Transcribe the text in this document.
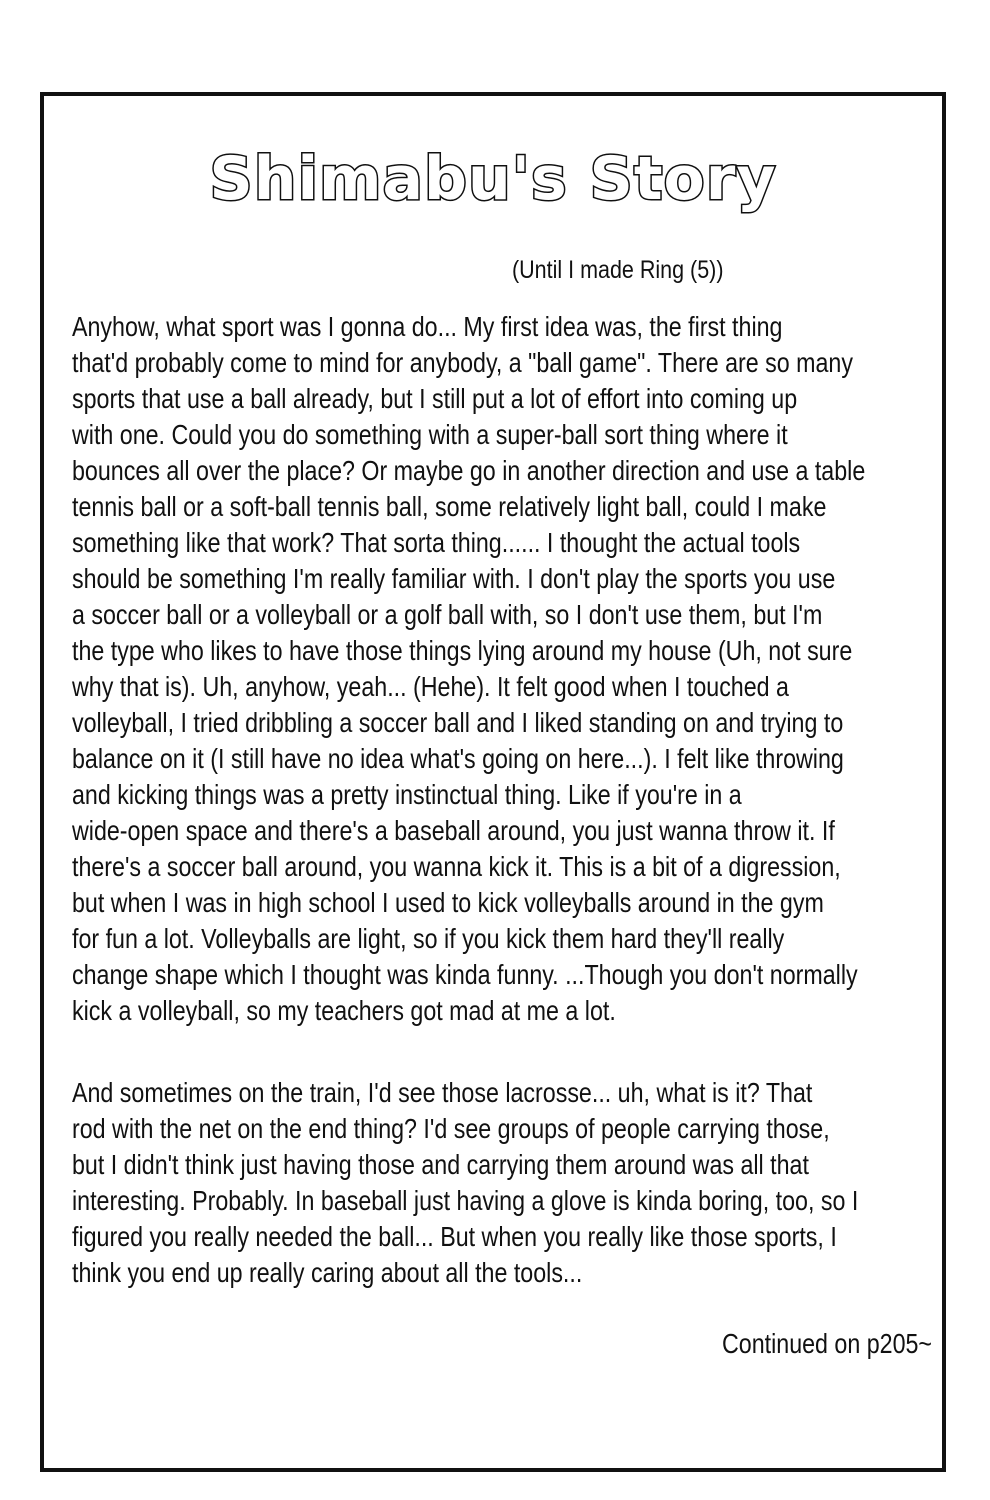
Shimabu's Story

(Until I made Ring (5))

Anyhow, what sport was I gonna do... My first idea was, the first thing
that'd probably come to mind for anybody, a "ball game". There are so many
sports that use a ball already, but I still put a lot of effort into coming up
with one. Could you do something with a super-ball sort thing where it
bounces all over the place? Or maybe go in another direction and use a table
tennis ball or a soft-ball tennis ball, some relatively light ball, could I make
something like that work? That sorta thing...... I thought the actual tools
should be something I'm really familiar with. I don't play the sports you use
a soccer ball or a volleyball or a golf ball with, so I don't use them, but I'm
the type who likes to have those things lying around my house (Uh, not sure
why that is). Uh, anyhow, yeah... (Hehe). It felt good when I touched a
volleyball, I tried dribbling a soccer ball and I liked standing on and trying to
balance on it (I still have no idea what's going on here...). I felt like throwing
and kicking things was a pretty instinctual thing. Like if you're in a
wide-open space and there's a baseball around, you just wanna throw it. If
there's a soccer ball around, you wanna kick it. This is a bit of a digression,
but when I was in high school I used to kick volleyballs around in the gym
for fun a lot. Volleyballs are light, so if you kick them hard they'll really
change shape which I thought was kinda funny. ...Though you don't normally
kick a volleyball, so my teachers got mad at me a lot.
And sometimes on the train, I'd see those lacrosse... uh, what is it? That
rod with the net on the end thing? I'd see groups of people carrying those,
but I didn't think just having those and carrying them around was all that
interesting. Probably. In baseball just having a glove is kinda boring, too, so I
figured you really needed the ball... But when you really like those sports, I
think you end up really caring about all the tools...

Continued on p205~
